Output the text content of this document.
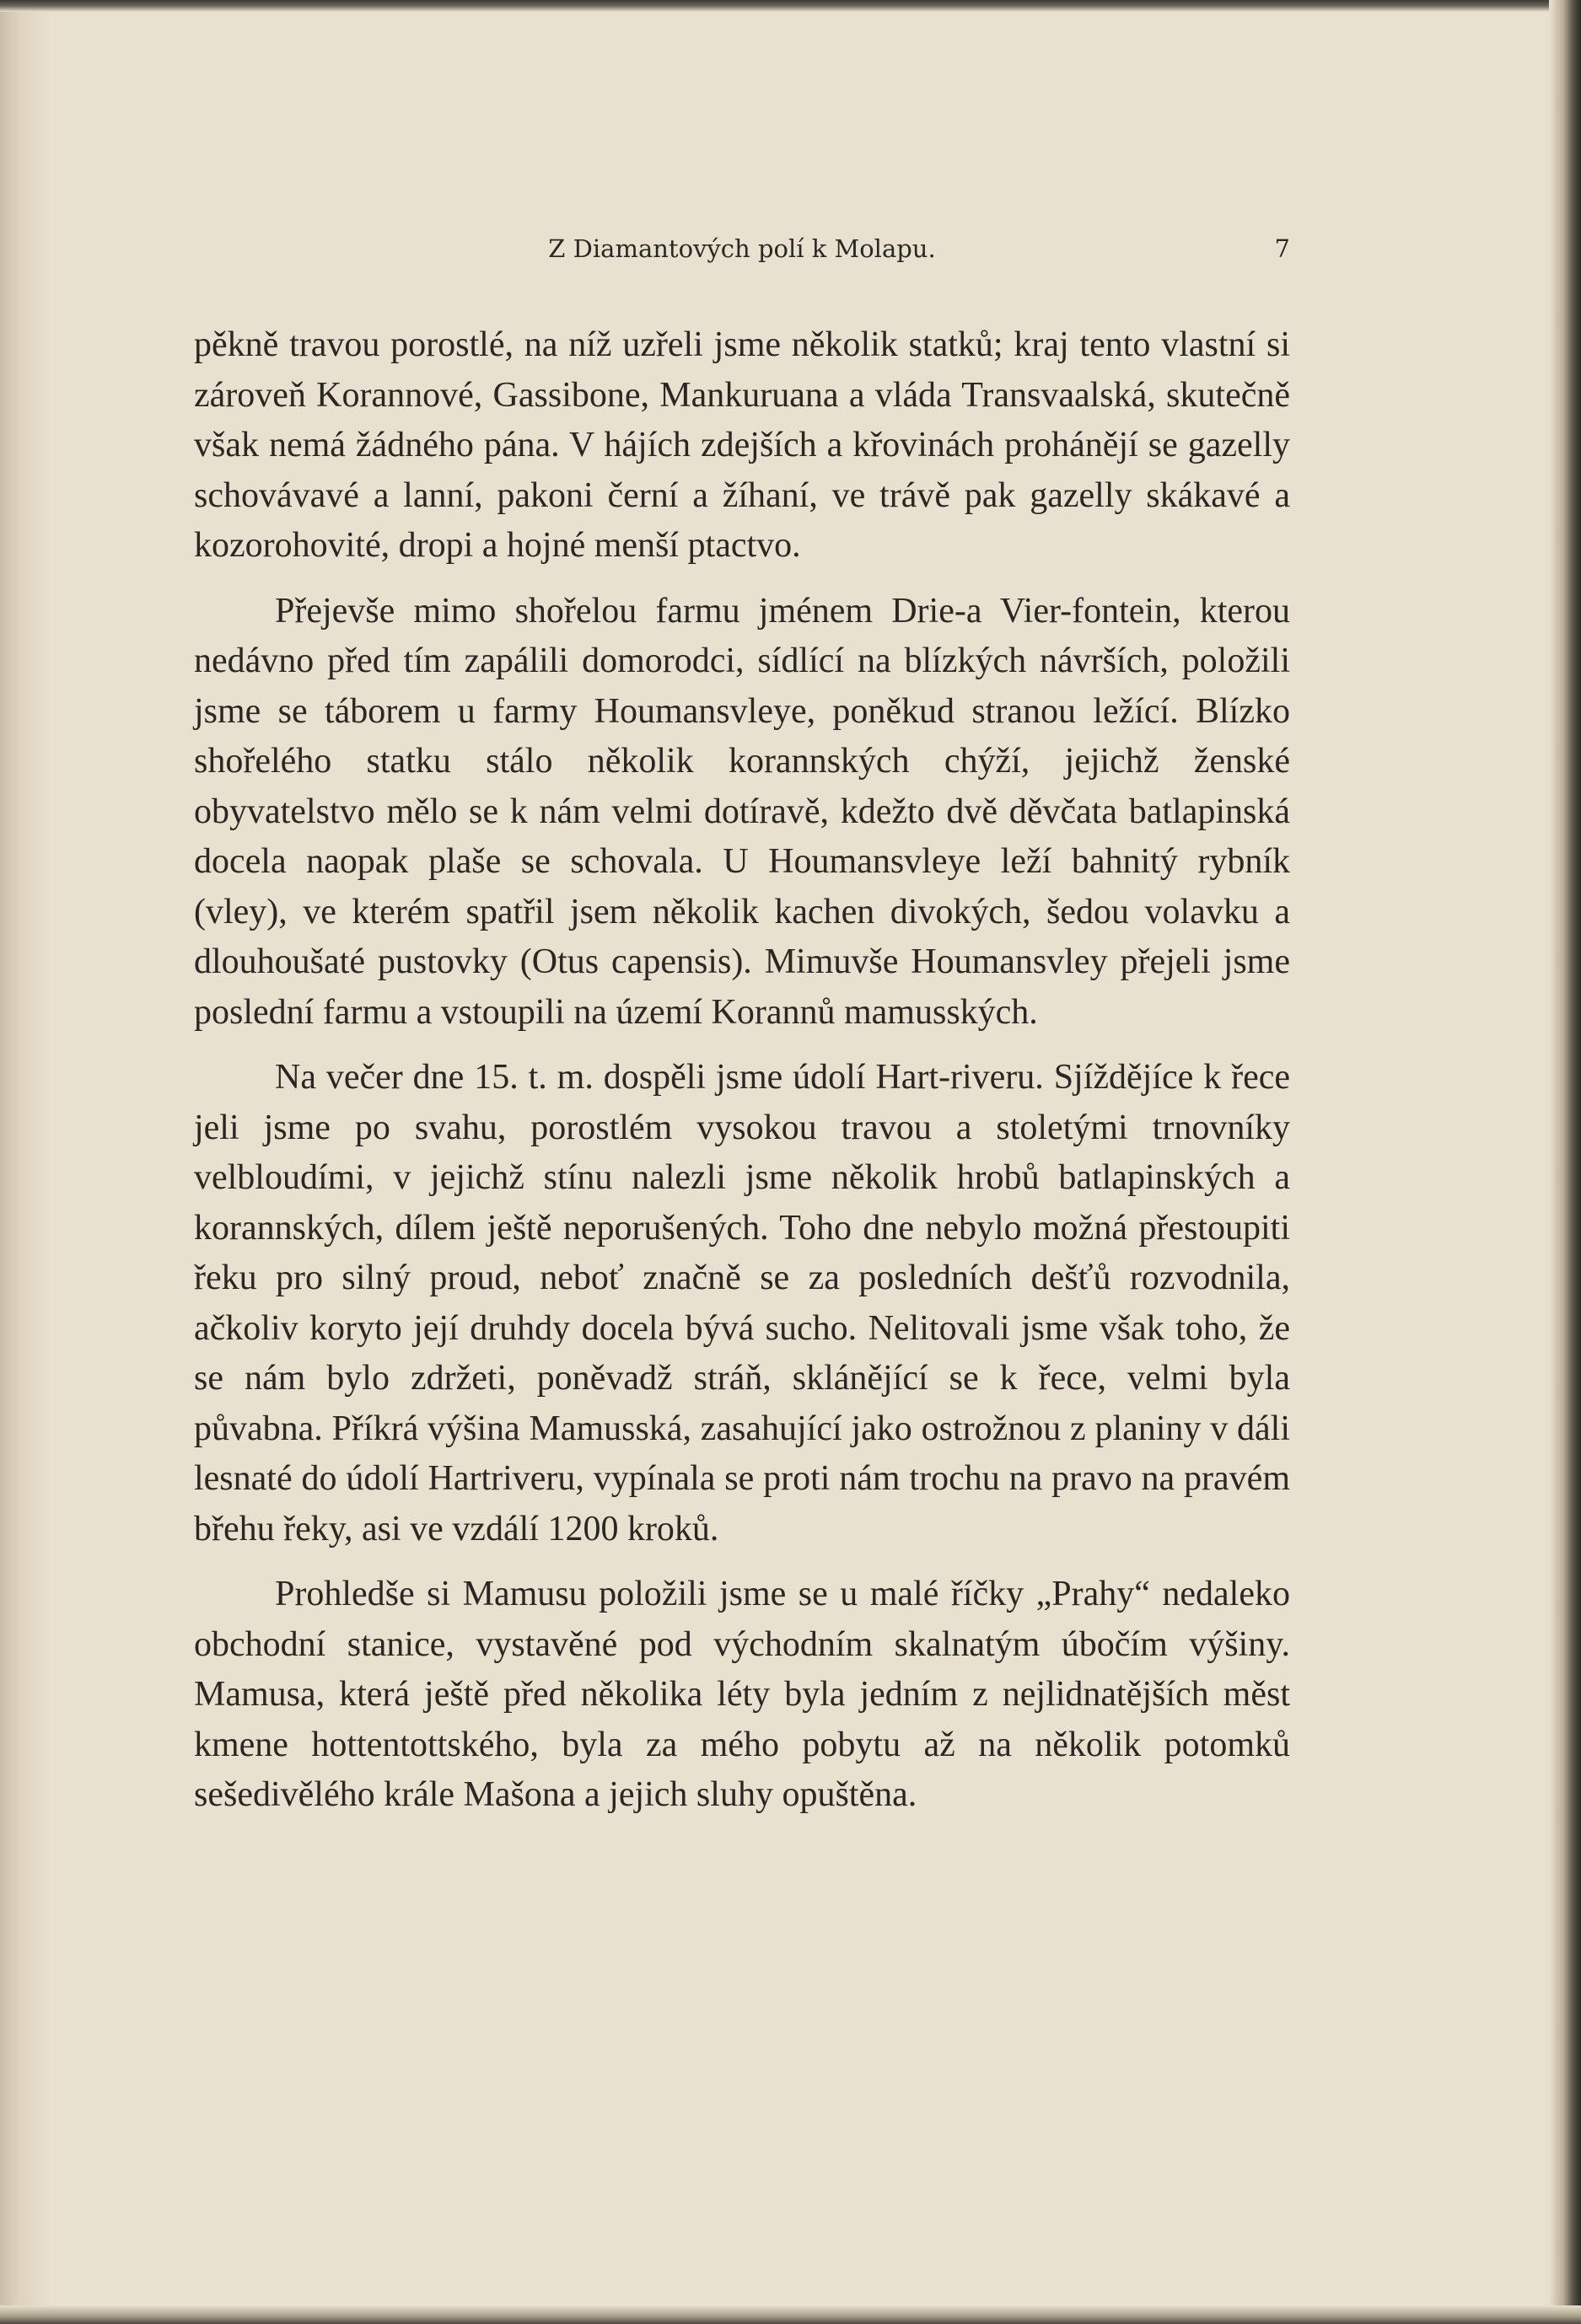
Z Diamantových polí k Molapu.	7

pěkně travou porostlé, na níž uzřeli jsme několik statků; kraj tento vlastní si zároveň Korannové, Gassibone, Mankuruana a vláda Transvaalská, skutečně však nemá žádného pána. V hájích zdejších a křovinách prohánějí se gazelly schovávavé a lanní, pakoni černí a žíhaní, ve trávě pak gazelly skákavé a kozorohovité, dropi a hojné menší ptactvo.

Přejevše mimo shořelou farmu jménem Drie-a Vier-fontein, kterou nedávno před tím zapálili domorodci, sídlící na blízkých návrších, položili jsme se táborem u farmy Houmansvleye, poněkud stranou ležící. Blízko shořelého statku stálo několik korannských chýží, jejichž ženské obyvatelstvo mělo se k nám velmi dotíravě, kdežto dvě děvčata batlapinská docela naopak plaše se schovala. U Houmansvleye leží bahnitý rybník (vley), ve kterém spatřil jsem několik kachen divokých, šedou volavku a dlouhoušaté pustovky (Otus capensis). Mimuvše Houmansvley přejeli jsme poslední farmu a vstoupili na území Korannů mamusských.

Na večer dne 15. t. m. dospěli jsme údolí Hart-riveru. Sjíždějíce k řece jeli jsme po svahu, porostlém vysokou travou a stoletými trnovníky velbloudími, v jejichž stínu nalezli jsme několik hrobů batlapinských a korannských, dílem ještě neporušených. Toho dne nebylo možná přestoupiti řeku pro silný proud, neboť značně se za posledních dešťů rozvodnila, ačkoliv koryto její druhdy docela bývá sucho. Nelitovali jsme však toho, že se nám bylo zdržeti, poněvadž stráň, sklánějící se k řece, velmi byla půvabna. Příkrá výšina Mamusská, zasahující jako ostrožnou z planiny v dáli lesnaté do údolí Hartriveru, vypínala se proti nám trochu na pravo na pravém břehu řeky, asi ve vzdálí 1200 kroků.

Prohledše si Mamusu položili jsme se u malé říčky „Prahy“ nedaleko obchodní stanice, vystavěné pod východním skalnatým úbočím výšiny. Mamusa, která ještě před několika léty byla jedním z nejlidnatějších měst kmene hottentottského, byla za mého pobytu až na několik potomků sešedivělého krále Mašona a jejich sluhy opuštěna.
